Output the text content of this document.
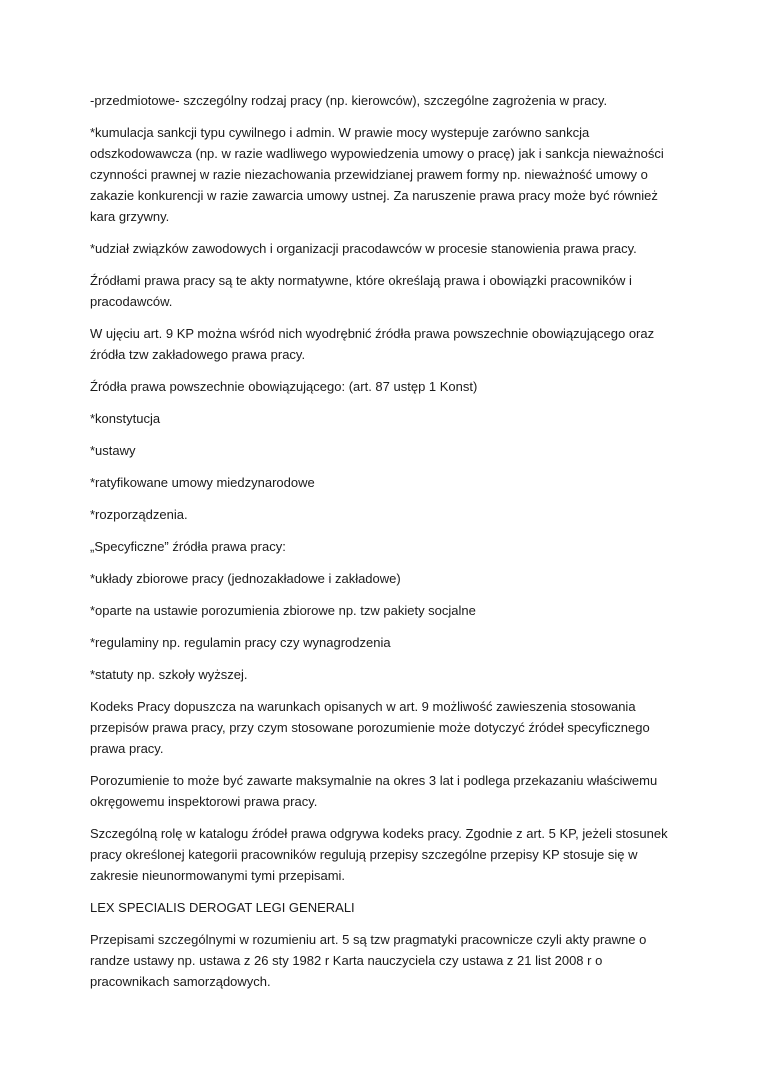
-przedmiotowe- szczególny rodzaj pracy (np. kierowców), szczególne zagrożenia w pracy.

*kumulacja sankcji typu cywilnego i admin. W prawie mocy wystepuje zarówno sankcja odszkodowawcza (np. w razie wadliwego wypowiedzenia umowy o pracę) jak i sankcja nieważności czynności prawnej w razie niezachowania przewidzianej prawem formy np. nieważność umowy o zakazie konkurencji w razie zawarcia umowy ustnej. Za naruszenie prawa pracy może być również kara grzywny.

*udział związków zawodowych i organizacji pracodawców w procesie stanowienia prawa pracy.

Źródłami prawa pracy są te akty normatywne, które określają prawa i obowiązki pracowników i pracodawców.

W ujęciu art. 9 KP można wśród nich wyodrębnić źródła prawa powszechnie obowiązującego oraz źródła tzw zakładowego prawa pracy.

Źródła prawa powszechnie obowiązującego: (art. 87 ustęp 1 Konst)

*konstytucja

*ustawy

*ratyfikowane umowy miedzynarodowe

*rozporządzenia.

„Specyficzne” źródła prawa pracy:

*układy zbiorowe pracy (jednozakładowe i zakładowe)

*oparte na ustawie porozumienia zbiorowe np. tzw pakiety socjalne

*regulaminy np. regulamin pracy czy wynagrodzenia

*statuty np. szkoły wyższej.

Kodeks Pracy dopuszcza na warunkach opisanych w art. 9 możliwość zawieszenia stosowania przepisów prawa pracy, przy czym stosowane porozumienie może dotyczyć źródeł specyficznego prawa pracy.

Porozumienie to może być zawarte maksymalnie na okres 3 lat i podlega przekazaniu właściwemu okręgowemu inspektorowi prawa pracy.

Szczególną rolę w katalogu źródeł prawa odgrywa kodeks pracy. Zgodnie z art. 5 KP, jeżeli stosunek pracy określonej kategorii pracowników regulują przepisy szczególne przepisy KP stosuje się w zakresie nieunormowanymi tymi przepisami.

LEX SPECIALIS DEROGAT LEGI GENERALI

Przepisami szczególnymi w rozumieniu art. 5 są tzw pragmatyki pracownicze czyli akty prawne o randze ustawy np. ustawa z 26 sty 1982 r Karta nauczyciela czy ustawa z 21 list 2008 r o pracownikach samorządowych.
